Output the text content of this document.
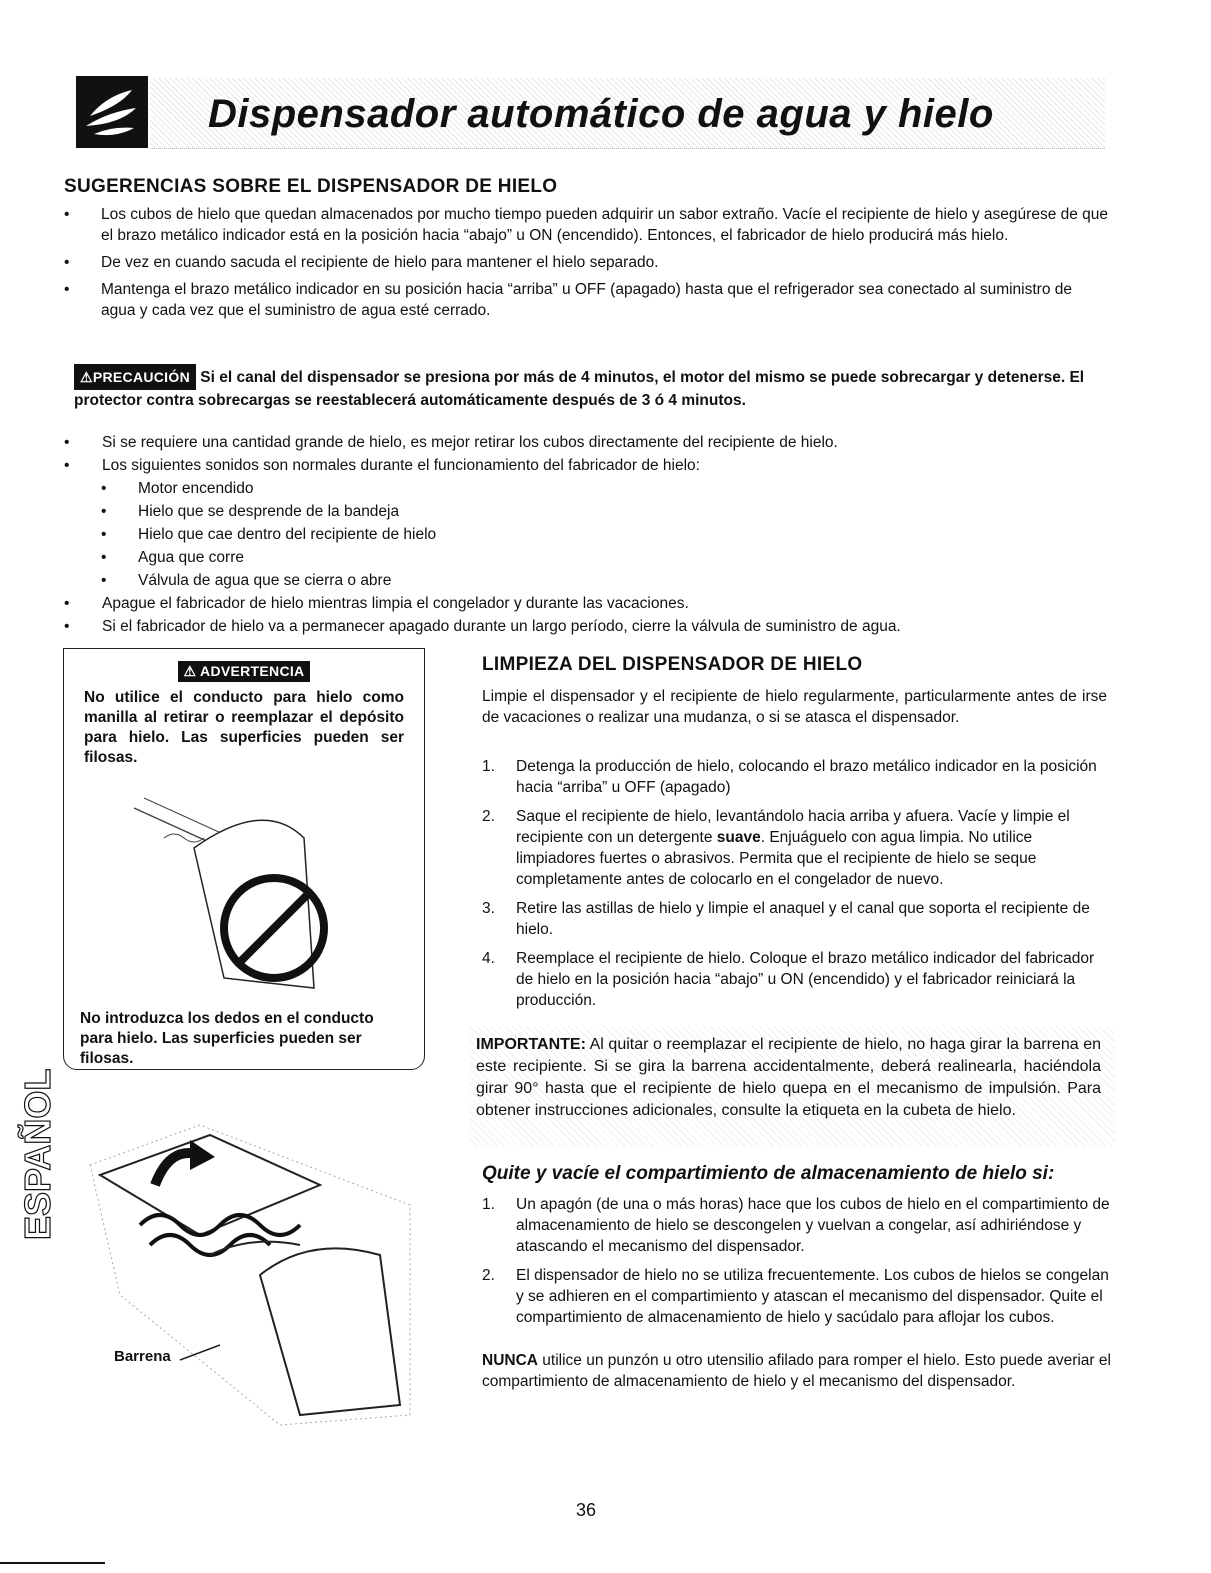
Dispensador automático de agua y hielo
SUGERENCIAS SOBRE EL DISPENSADOR DE HIELO
• Los cubos de hielo que quedan almacenados por mucho tiempo pueden adquirir un sabor extraño. Vacíe el recipiente de hielo y asegúrese de que el brazo metálico indicador está en la posición hacia “abajo” u ON (encendido). Entonces, el fabricador de hielo producirá más hielo.
• De vez en cuando sacuda el recipiente de hielo para mantener el hielo separado.
• Mantenga el brazo metálico indicador en su posición hacia “arriba” u OFF (apagado) hasta que el refrigerador sea conectado al suministro de agua y cada vez que el suministro de agua esté cerrado.
⚠PRECAUCIÓN Si el canal del dispensador se presiona por más de 4 minutos, el motor del mismo se puede sobrecargar y detenerse. El protector contra sobrecargas se reestablecerá automáticamente después de 3 ó 4 minutos.
• Si se requiere una cantidad grande de hielo, es mejor retirar los cubos directamente del recipiente de hielo.
• Los siguientes sonidos son normales durante el funcionamiento del fabricador de hielo:
• Motor encendido
• Hielo que se desprende de la bandeja
• Hielo que cae dentro del recipiente de hielo
• Agua que corre
• Válvula de agua que se cierra o abre
• Apague el fabricador de hielo mientras limpia el congelador y durante las vacaciones.
• Si el fabricador de hielo va a permanecer apagado durante un largo período, cierre la válvula de suministro de agua.
⚠ ADVERTENCIA
No utilice el conducto para hielo como manilla al retirar o reemplazar el depósito para hielo. Las superficies pueden ser filosas.
No introduzca los dedos en el conducto para hielo. Las superficies pueden ser filosas.
Barrena
ESPAÑOL
LIMPIEZA DEL DISPENSADOR DE HIELO
Limpie el dispensador y el recipiente de hielo regularmente, particularmente antes de irse de vacaciones o realizar una mudanza, o si se atasca el dispensador.
1. Detenga la producción de hielo, colocando el brazo metálico indicador en la posición hacia “arriba” u OFF (apagado)
2. Saque el recipiente de hielo, levantándolo hacia arriba y afuera. Vacíe y limpie el recipiente con un detergente suave. Enjuáguelo con agua limpia. No utilice limpiadores fuertes o abrasivos. Permita que el recipiente de hielo se seque completamente antes de colocarlo en el congelador de nuevo.
3. Retire las astillas de hielo y limpie el anaquel y el canal que soporta el recipiente de hielo.
4. Reemplace el recipiente de hielo. Coloque el brazo metálico indicador del fabricador de hielo en la posición hacia “abajo” u ON (encendido) y el fabricador reiniciará la producción.
IMPORTANTE: Al quitar o reemplazar el recipiente de hielo, no haga girar la barrena en este recipiente. Si se gira la barrena accidentalmente, deberá realinearla, haciéndola girar 90° hasta que el recipiente de hielo quepa en el mecanismo de impulsión. Para obtener instrucciones adicionales, consulte la etiqueta en la cubeta de hielo.
Quite y vacíe el compartimiento de almacenamiento de hielo si:
1. Un apagón (de una o más horas) hace que los cubos de hielo en el compartimiento de almacenamiento de hielo se descongelen y vuelvan a congelar, así adhiriéndose y atascando el mecanismo del dispensador.
2. El dispensador de hielo no se utiliza frecuentemente. Los cubos de hielos se congelan y se adhieren en el compartimiento y atascan el mecanismo del dispensador. Quite el compartimiento de almacenamiento de hielo y sacúdalo para aflojar los cubos.
NUNCA utilice un punzón u otro utensilio afilado para romper el hielo. Esto puede averiar el compartimiento de almacenamiento de hielo y el mecanismo del dispensador.
36
